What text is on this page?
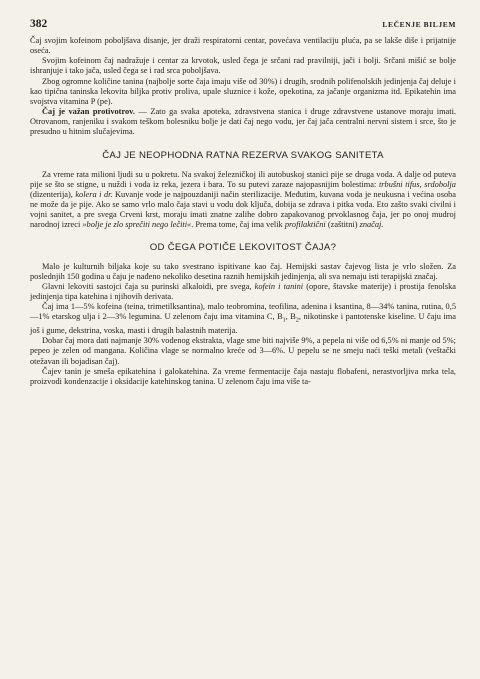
382	LEČENJE BILJEM

Čaj svojim kofeinom poboljšava disanje, jer draži respiratorni centar, povećava ventilaciju pluća, pa se lakše diše i prijatnije oseća.

Svojim kofeinom čaj nadražuje i centar za krvotok, usled čega je srčani rad pravilniji, jači i bolji. Srčani mišić se bolje ishranjuje i tako jača, usled čega se i rad srca poboljšava.

Zbog ogromne količine tanina (najbolje sorte čaja imaju više od 30%) i drugih, srodnih polifenolskih jedinjenja čaj deluje i kao tipična taninska lekovita biljka protiv proliva, upale sluznice i kože, opekotina, za jačanje organizma itd. Epikatehin ima svojstva vitamina P (pe).

Čaj je važan protivotrov. — Zato ga svaka apoteka, zdravstvena stanica i druge zdravstvene ustanove moraju imati. Otrovanom, ranjeniku i svakom teškom bolesniku bolje je dati čaj nego vodu, jer čaj jača centralni nervni sistem i srce, što je presudno u hitnim slučajevima.

ČAJ JE NEOPHODNA RATNA REZERVA SVAKOG SANITETA

Za vreme rata milioni ljudi su u pokretu. Na svakoj železničkoj ili autobuskoj stanici pije se druga voda. A dalje od puteva pije se što se stigne, u nuždi i voda iz reka, jezera i bara. To su putevi zaraze najopasnijim bolestima: trbušni tifus, srdobolja (dizenterija), kolera i dr. Kuvanje vode je najpouzdaniji način sterilizacije. Međutim, kuvana voda je neukusna i većina osoba ne može da je pije. Ako se samo vrlo malo čaja stavi u vodu dok ključa, dobija se zdrava i pitka voda. Eto zašto svaki civilni i vojni sanitet, a pre svega Crveni krst, moraju imati znatne zalihe dobro zapakovanog prvoklasnog čaja, jer po onoj mudroj narodnoj izreci »bolje je zlo sprečiti nego lečiti«. Prema tome, čaj ima velik profilaktični (zaštitni) značaj.

OD ČEGA POTIČE LEKOVITOST ČAJA?

Malo je kulturnih biljaka koje su tako svestrano ispitivane kao čaj. Hemijski sastav čajevog lista je vrlo složen. Za poslednjih 150 godina u čaju je nađeno nekoliko desetina raznih hemijskih jedinjenja, ali sva nemaju isti terapijski značaj.

Glavni lekoviti sastojci čaja su purinski alkaloidi, pre svega, kofein i tanini (opore, štavske materije) i prostija fenolska jedinjenja tipa katehina i njihovih derivata.

Čaj ima 1—5% kofeina (teina, trimetilksantina), malo teobromina, teofilina, adenina i ksantina, 8—34% tanina, rutina, 0,5—1% etarskog ulja i 2—3% legumina. U zelenom čaju ima vitamina C, $B_1$, $B_2$, nikotinske i pantotenske kiseline. U čaju ima još i gume, dekstrina, voska, masti i drugih balastnih materija.

Dobar čaj mora dati najmanje 30% vodenog ekstrakta, vlage sme biti najviše 9%, a pepela ni više od 6,5% ni manje od 5%; pepeo je zelen od mangana. Količina vlage se normalno kreće od 3—6%. U pepelu se ne smeju naći teški metali (veštački otežavan ili bojadisan čaj).

Čajev tanin je smeša epikatehina i galokatehina. Za vreme fermentacije čaja nastaju flobafeni, nerastvorljiva mrka tela, proizvodi kondenzacije i oksidacije katehinskog tanina. U zelenom čaju ima više ta-
